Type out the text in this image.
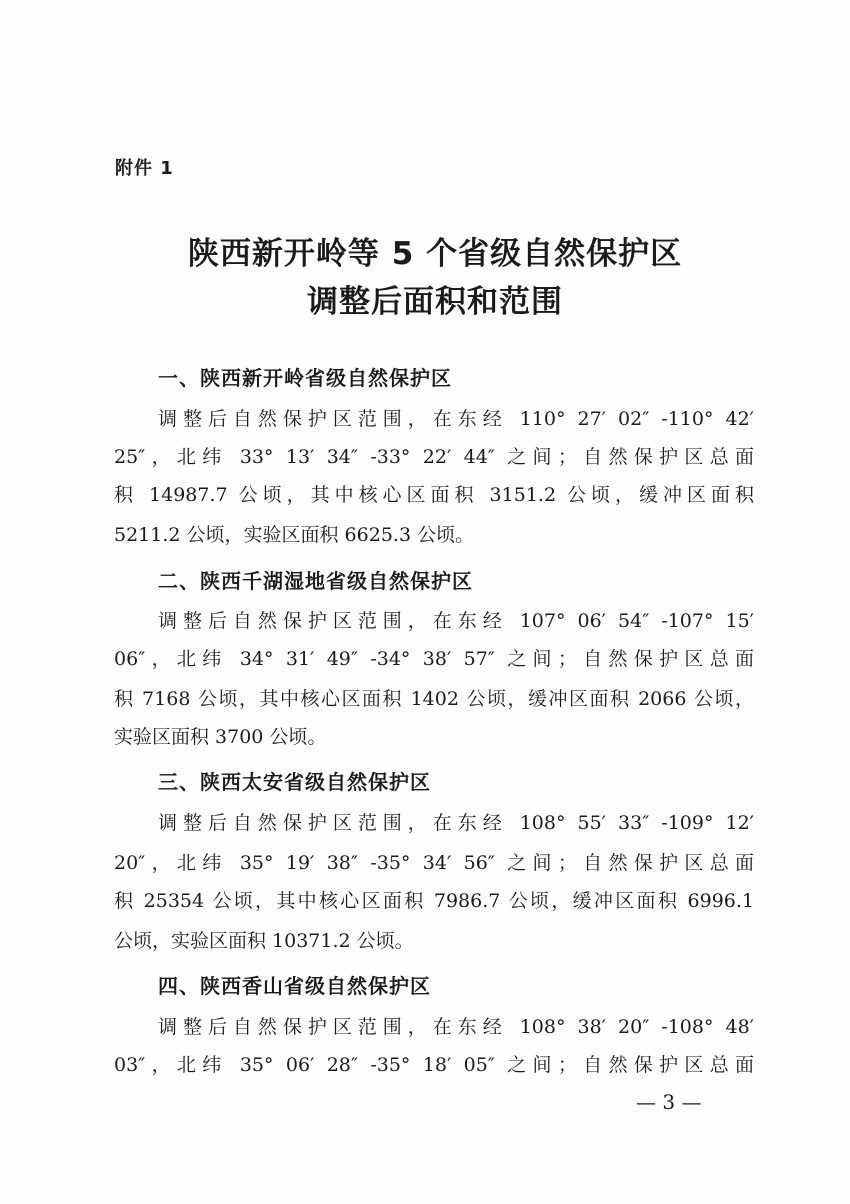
附件 1
陕西新开岭等 5 个省级自然保护区
调整后面积和范围
一、陕西新开岭省级自然保护区
调整后自然保护区范围，在东经 110° 27′ 02″ -110° 42′
25″，北纬 33° 13′ 34″ -33° 22′ 44″ 之间；自然保护区总面
积 14987.7 公顷，其中核心区面积 3151.2 公顷，缓冲区面积
5211.2 公顷，实验区面积 6625.3 公顷。
二、陕西千湖湿地省级自然保护区
调整后自然保护区范围，在东经 107° 06′ 54″ -107° 15′
06″，北纬 34° 31′ 49″ -34° 38′ 57″ 之间；自然保护区总面
积 7168 公顷，其中核心区面积 1402 公顷，缓冲区面积 2066 公顷，
实验区面积 3700 公顷。
三、陕西太安省级自然保护区
调整后自然保护区范围，在东经 108° 55′ 33″ -109° 12′
20″，北纬 35° 19′ 38″ -35° 34′ 56″ 之间；自然保护区总面
积 25354 公顷，其中核心区面积 7986.7 公顷，缓冲区面积 6996.1
公顷，实验区面积 10371.2 公顷。
四、陕西香山省级自然保护区
调整后自然保护区范围，在东经 108° 38′ 20″ -108° 48′
03″，北纬 35° 06′ 28″ -35° 18′ 05″ 之间；自然保护区总面
— 3 —
